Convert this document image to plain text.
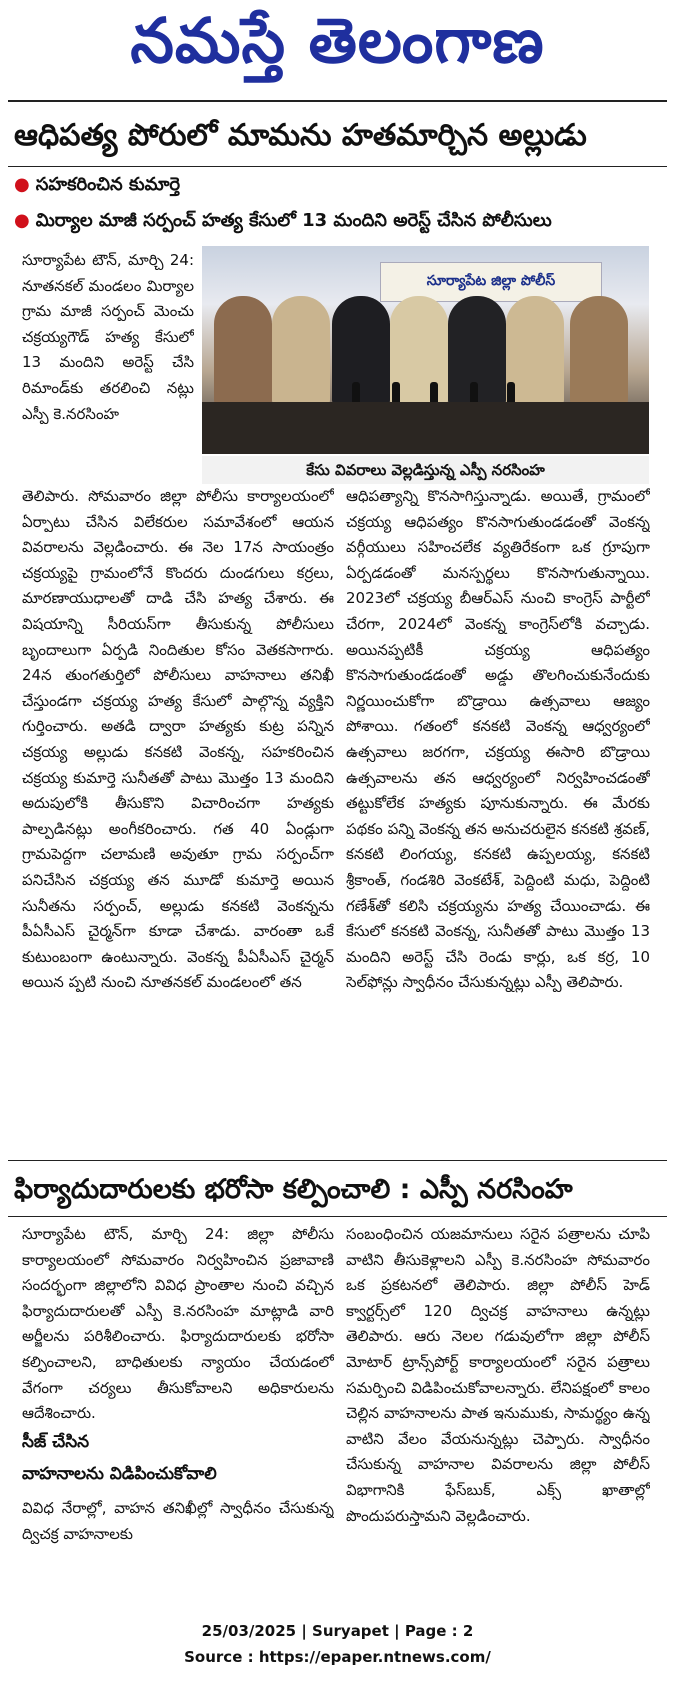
నమస్తే తెలంగాణ
ఆధిపత్య పోరులో మామను హతమార్చిన అల్లుడు
● సహకరించిన కుమార్తె
● మిర్యాల మాజీ సర్పంచ్ హత్య కేసులో 13 మందిని అరెస్ట్ చేసిన పోలీసులు
సూర్యాపేట టౌన్, మార్చి 24: నూతనకల్ మండలం మిర్యాల గ్రామ మాజీ సర్పంచ్ మెంచు చక్రయ్యగౌడ్ హత్య కేసులో 13 మందిని అరెస్ట్ చేసి రిమాండ్‌కు తరలించి నట్లు ఎస్పీ కె.నరసింహ
సూర్యాపేట జిల్లా పోలీస్
కేసు వివరాలు వెల్లడిస్తున్న ఎస్పీ నరసింహ
తెలిపారు. సోమవారం జిల్లా పోలీసు కార్యాలయంలో ఏర్పాటు చేసిన విలేకరుల సమావేశంలో ఆయన వివరాలను వెల్లడించారు. ఈ నెల 17న సాయంత్రం చక్రయ్యపై గ్రామంలోనే కొందరు దుండగులు కర్రలు, మారణాయుధాలతో దాడి చేసి హత్య చేశారు. ఈ విషయాన్ని సీరియస్‌గా తీసుకున్న పోలీసులు బృందాలుగా ఏర్పడి నిందితుల కోసం వెతకసాగారు. 24న తుంగతుర్తిలో పోలీసులు వాహనాలు తనిఖీ చేస్తుండగా చక్రయ్య హత్య కేసులో పాల్గొన్న వ్యక్తిని గుర్తించారు. అతడి ద్వారా హత్యకు కుట్ర పన్నిన చక్రయ్య అల్లుడు కనకటి వెంకన్న, సహకరించిన చక్రయ్య కుమార్తె సునీతతో పాటు మొత్తం 13 మందిని అదుపులోకి తీసుకొని విచారించగా హత్యకు పాల్పడినట్లు అంగీకరించారు. గత 40 ఏండ్లుగా గ్రామపెద్దగా చలామణి అవుతూ గ్రామ సర్పంచ్‌గా పనిచేసిన చక్రయ్య తన మూడో కుమార్తె అయిన సునీతను సర్పంచ్, అల్లుడు కనకటి వెంకన్నను పీఏసీఎస్ చైర్మన్‌గా కూడా చేశాడు. వారంతా ఒకే కుటుంబంగా ఉంటున్నారు. వెంకన్న పీఏసీఎస్ చైర్మన్ అయిన ప్పటి నుంచి నూతనకల్ మండలంలో తన
ఆధిపత్యాన్ని కొనసాగిస్తున్నాడు. అయితే, గ్రామంలో చక్రయ్య ఆధిపత్యం కొనసాగుతుండడంతో వెంకన్న వర్గీయులు సహించలేక వ్యతిరేకంగా ఒక గ్రూపుగా ఏర్పడడంతో మనస్పర్థలు కొనసాగుతున్నాయి. 2023లో చక్రయ్య బీఆర్ఎస్ నుంచి కాంగ్రెస్ పార్టీలో చేరగా, 2024లో వెంకన్న కాంగ్రెస్‌లోకి వచ్చాడు. అయినప్పటికీ చక్రయ్య ఆధిపత్యం కొనసాగుతుండడంతో అడ్డు తొలగించుకునేందుకు నిర్ణయించుకోగా బొడ్రాయి ఉత్సవాలు ఆజ్యం పోశాయి. గతంలో కనకటి వెంకన్న ఆధ్వర్యంలో ఉత్సవాలు జరగగా, చక్రయ్య ఈసారి బొడ్రాయి ఉత్సవాలను తన ఆధ్వర్యంలో నిర్వహించడంతో తట్టుకోలేక హత్యకు పూనుకున్నారు. ఈ మేరకు పథకం పన్ని వెంకన్న తన అనుచరులైన కనకటి శ్రవణ్, కనకటి లింగయ్య, కనకటి ఉప్పలయ్య, కనకటి శ్రీకాంత్, గండశిరి వెంకటేశ్, పెద్దింటి మధు, పెద్దింటి గణేశ్‌తో కలిసి చక్రయ్యను హత్య చేయించాడు. ఈ కేసులో కనకటి వెంకన్న, సునీతతో పాటు మొత్తం 13 మందిని అరెస్ట్ చేసి రెండు కార్లు, ఒక కర్ర, 10 సెల్‌ఫోన్లు స్వాధీనం చేసుకున్నట్లు ఎస్పీ తెలిపారు.
ఫిర్యాదుదారులకు భరోసా కల్పించాలి : ఎస్పీ నరసింహ
సూర్యాపేట టౌన్, మార్చి 24: జిల్లా పోలీసు కార్యాలయంలో సోమవారం నిర్వహించిన ప్రజావాణి సందర్భంగా జిల్లాలోని వివిధ ప్రాంతాల నుంచి వచ్చిన ఫిర్యాదుదారులతో ఎస్పీ కె.నరసింహ మాట్లాడి వారి అర్జీలను పరిశీలించారు. ఫిర్యాదుదారులకు భరోసా కల్పించాలని, బాధితులకు న్యాయం చేయడంలో వేగంగా చర్యలు తీసుకోవాలని అధికారులను ఆదేశించారు.
సీజ్ చేసిన
వాహనాలను విడిపించుకోవాలి
వివిధ నేరాల్లో, వాహన తనిఖీల్లో స్వాధీనం చేసుకున్న ద్విచక్ర వాహనాలకు
సంబంధించిన యజమానులు సరైన పత్రాలను చూపి వాటిని తీసుకెళ్లాలని ఎస్పీ కె.నరసింహ సోమవారం ఒక ప్రకటనలో తెలిపారు. జిల్లా పోలీస్ హెడ్ క్వార్టర్స్‌లో 120 ద్విచక్ర వాహనాలు ఉన్నట్లు తెలిపారు. ఆరు నెలల గడువులోగా జిల్లా పోలీస్ మోటార్ ట్రాన్స్‌పోర్ట్ కార్యాలయంలో సరైన పత్రాలు సమర్పించి విడిపించుకోవాలన్నారు. లేనిపక్షంలో కాలం చెల్లిన వాహనాలను పాత ఇనుముకు, సామర్థ్యం ఉన్న వాటిని వేలం వేయనున్నట్లు చెప్పారు. స్వాధీనం చేసుకున్న వాహనాల వివరాలను జిల్లా పోలీస్ విభాగానికి ఫేస్‌బుక్, ఎక్స్ ఖాతాల్లో పొందుపరుస్తామని వెల్లడించారు.
25/03/2025 | Suryapet | Page : 2
Source : https://epaper.ntnews.com/
